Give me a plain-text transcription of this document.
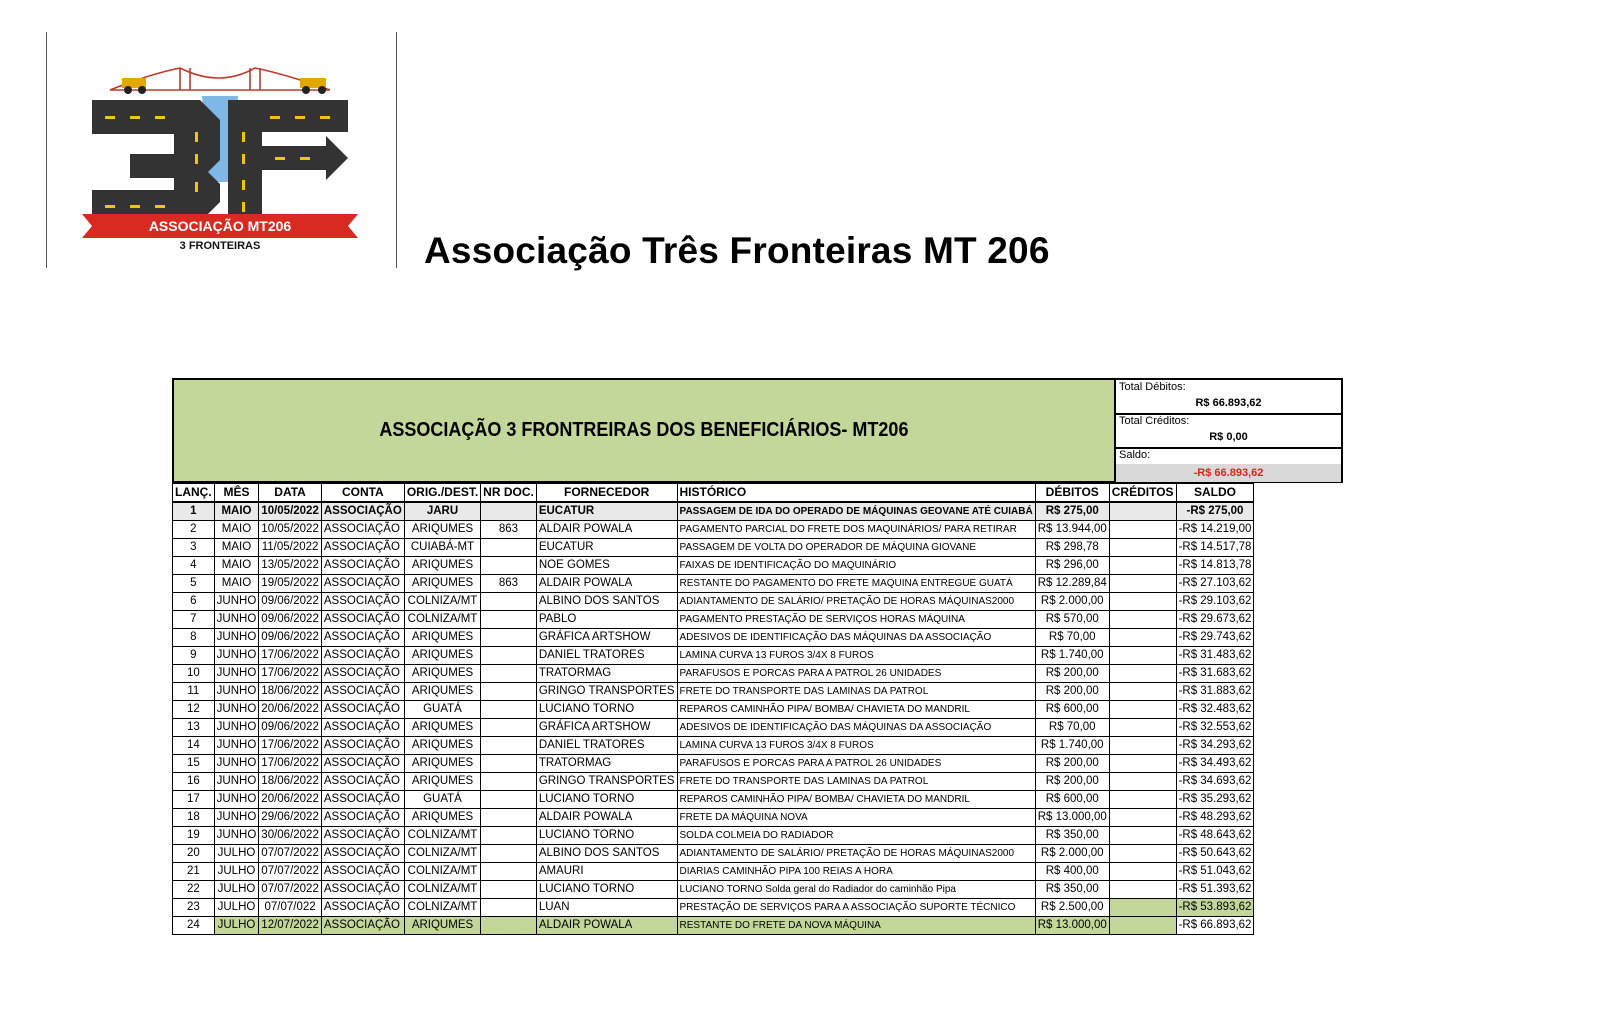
ASSOCIAÇÃO MT206
3 FRONTEIRAS	Associação Três Fronteiras MT 206
ASSOCIAÇÃO 3 FRONTREIRAS DOS BENEFICIÁRIOS- MT206
Total Débitos:
R$ 66.893,62
Total Créditos:
R$ 0,00
Saldo:
-R$ 66.893,62
LANÇ.	MÊS	DATA	CONTA	ORIG./DEST.	NR DOC.	FORNECEDOR	HISTÓRICO	DÉBITOS	CRÉDITOS	SALDO
1	MAIO	10/05/2022	ASSOCIAÇÃO	JARU		EUCATUR	PASSAGEM DE IDA DO OPERADO DE MÁQUINAS GEOVANE ATÉ CUIABÁ	R$ 275,00		-R$ 275,00
2	MAIO	10/05/2022	ASSOCIAÇÃO	ARIQUMES	863	ALDAIR POWALA	PAGAMENTO PARCIAL DO FRETE DOS MAQUINÁRIOS/ PARA RETIRAR	R$ 13.944,00		-R$ 14.219,00
3	MAIO	11/05/2022	ASSOCIAÇÃO	CUIABÁ-MT		EUCATUR	PASSAGEM DE VOLTA DO OPERADOR DE MÁQUINA GIOVANE	R$ 298,78		-R$ 14.517,78
4	MAIO	13/05/2022	ASSOCIAÇÃO	ARIQUMES		NOE GOMES	FAIXAS DE IDENTIFICAÇÃO DO MAQUINÁRIO	R$ 296,00		-R$ 14.813,78
5	MAIO	19/05/2022	ASSOCIAÇÃO	ARIQUMES	863	ALDAIR POWALA	RESTANTE DO PAGAMENTO DO FRETE MAQUINA ENTREGUE GUATÁ	R$ 12.289,84		-R$ 27.103,62
6	JUNHO	09/06/2022	ASSOCIAÇÃO	COLNIZA/MT		ALBINO DOS SANTOS	ADIANTAMENTO DE SALÁRIO/ PRETAÇÃO DE HORAS MÁQUINAS2000	R$ 2.000,00		-R$ 29.103,62
7	JUNHO	09/06/2022	ASSOCIAÇÃO	COLNIZA/MT		PABLO	PAGAMENTO PRESTAÇÃO DE SERVIÇOS HORAS MÁQUINA	R$ 570,00		-R$ 29.673,62
8	JUNHO	09/06/2022	ASSOCIAÇÃO	ARIQUMES		GRÁFICA ARTSHOW	ADESIVOS DE IDENTIFICAÇÃO DAS MÁQUINAS DA ASSOCIAÇÃO	R$ 70,00		-R$ 29.743,62
9	JUNHO	17/06/2022	ASSOCIAÇÃO	ARIQUMES		DANIEL TRATORES	LAMINA CURVA 13 FUROS 3/4X 8 FUROS	R$ 1.740,00		-R$ 31.483,62
10	JUNHO	17/06/2022	ASSOCIAÇÃO	ARIQUMES		TRATORMAG	PARAFUSOS E PORCAS PARA A PATROL 26 UNIDADES	R$ 200,00		-R$ 31.683,62
11	JUNHO	18/06/2022	ASSOCIAÇÃO	ARIQUMES		GRINGO TRANSPORTES	FRETE DO TRANSPORTE DAS LAMINAS DA PATROL	R$ 200,00		-R$ 31.883,62
12	JUNHO	20/06/2022	ASSOCIAÇÃO	GUATÁ		LUCIANO TORNO	REPAROS CAMINHÃO PIPA/ BOMBA/ CHAVIETA DO MANDRIL	R$ 600,00		-R$ 32.483,62
13	JUNHO	09/06/2022	ASSOCIAÇÃO	ARIQUMES		GRÁFICA ARTSHOW	ADESIVOS DE IDENTIFICAÇÃO DAS MÁQUINAS DA ASSOCIAÇÃO	R$ 70,00		-R$ 32.553,62
14	JUNHO	17/06/2022	ASSOCIAÇÃO	ARIQUMES		DANIEL TRATORES	LAMINA CURVA 13 FUROS 3/4X 8 FUROS	R$ 1.740,00		-R$ 34.293,62
15	JUNHO	17/06/2022	ASSOCIAÇÃO	ARIQUMES		TRATORMAG	PARAFUSOS E PORCAS PARA A PATROL 26 UNIDADES	R$ 200,00		-R$ 34.493,62
16	JUNHO	18/06/2022	ASSOCIAÇÃO	ARIQUMES		GRINGO TRANSPORTES	FRETE DO TRANSPORTE DAS LAMINAS DA PATROL	R$ 200,00		-R$ 34.693,62
17	JUNHO	20/06/2022	ASSOCIAÇÃO	GUATÁ		LUCIANO TORNO	REPAROS CAMINHÃO PIPA/ BOMBA/ CHAVIETA DO MANDRIL	R$ 600,00		-R$ 35.293,62
18	JUNHO	29/06/2022	ASSOCIAÇÃO	ARIQUMES		ALDAIR POWALA	FRETE DA MÁQUINA NOVA	R$ 13.000,00		-R$ 48.293,62
19	JUNHO	30/06/2022	ASSOCIAÇÃO	COLNIZA/MT		LUCIANO TORNO	SOLDA COLMEIA DO RADIADOR	R$ 350,00		-R$ 48.643,62
20	JULHO	07/07/2022	ASSOCIAÇÃO	COLNIZA/MT		ALBINO DOS SANTOS	ADIANTAMENTO DE SALÁRIO/ PRETAÇÃO DE HORAS MÁQUINAS2000	R$ 2.000,00		-R$ 50.643,62
21	JULHO	07/07/2022	ASSOCIAÇÃO	COLNIZA/MT		AMAURI	DIARIAS CAMINHÃO PIPA 100 REIAS A HORA	R$ 400,00		-R$ 51.043,62
22	JULHO	07/07/2022	ASSOCIAÇÃO	COLNIZA/MT		LUCIANO TORNO	LUCIANO TORNO Solda geral do Radiador do caminhão Pipa	R$ 350,00		-R$ 51.393,62
23	JULHO	07/07/022	ASSOCIAÇÃO	COLNIZA/MT		LUAN	PRESTAÇÃO DE SERVIÇOS PARA A ASSOCIAÇÃO SUPORTE TÉCNICO	R$ 2.500,00		-R$ 53.893,62
24	JULHO	12/07/2022	ASSOCIAÇÃO	ARIQUMES		ALDAIR POWALA	RESTANTE DO FRETE DA NOVA MÁQUINA	R$ 13.000,00		-R$ 66.893,62
